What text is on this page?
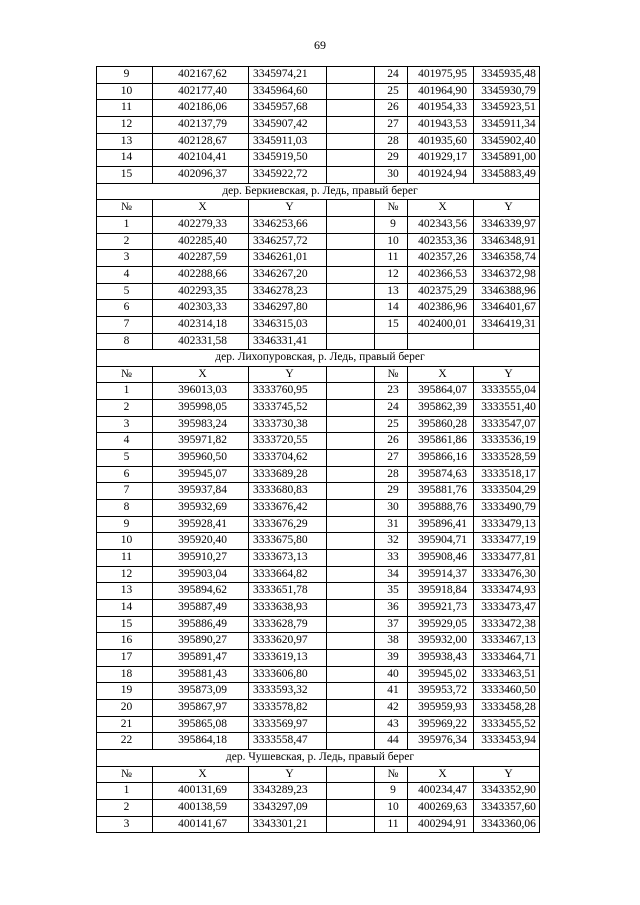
69
9	402167,62	3345974,21		24	401975,95	3345935,48
10	402177,40	3345964,60		25	401964,90	3345930,79
11	402186,06	3345957,68		26	401954,33	3345923,51
12	402137,79	3345907,42		27	401943,53	3345911,34
13	402128,67	3345911,03		28	401935,60	3345902,40
14	402104,41	3345919,50		29	401929,17	3345891,00
15	402096,37	3345922,72		30	401924,94	3345883,49
дер. Беркиевская, р. Ледь, правый берег						
№	X	Y		№	X	Y
1	402279,33	3346253,66		9	402343,56	3346339,97
2	402285,40	3346257,72		10	402353,36	3346348,91
3	402287,59	3346261,01		11	402357,26	3346358,74
4	402288,66	3346267,20		12	402366,53	3346372,98
5	402293,35	3346278,23		13	402375,29	3346388,96
6	402303,33	3346297,80		14	402386,96	3346401,67
7	402314,18	3346315,03		15	402400,01	3346419,31
8	402331,58	3346331,41				
дер. Лихопуровская, р. Ледь, правый берег						
№	X	Y		№	X	Y
1	396013,03	3333760,95		23	395864,07	3333555,04
2	395998,05	3333745,52		24	395862,39	3333551,40
3	395983,24	3333730,38		25	395860,28	3333547,07
4	395971,82	3333720,55		26	395861,86	3333536,19
5	395960,50	3333704,62		27	395866,16	3333528,59
6	395945,07	3333689,28		28	395874,63	3333518,17
7	395937,84	3333680,83		29	395881,76	3333504,29
8	395932,69	3333676,42		30	395888,76	3333490,79
9	395928,41	3333676,29		31	395896,41	3333479,13
10	395920,40	3333675,80		32	395904,71	3333477,19
11	395910,27	3333673,13		33	395908,46	3333477,81
12	395903,04	3333664,82		34	395914,37	3333476,30
13	395894,62	3333651,78		35	395918,84	3333474,93
14	395887,49	3333638,93		36	395921,73	3333473,47
15	395886,49	3333628,79		37	395929,05	3333472,38
16	395890,27	3333620,97		38	395932,00	3333467,13
17	395891,47	3333619,13		39	395938,43	3333464,71
18	395881,43	3333606,80		40	395945,02	3333463,51
19	395873,09	3333593,32		41	395953,72	3333460,50
20	395867,97	3333578,82		42	395959,93	3333458,28
21	395865,08	3333569,97		43	395969,22	3333455,52
22	395864,18	3333558,47		44	395976,34	3333453,94
дер. Чушевская, р. Ледь, правый берег						
№	X	Y		№	X	Y
1	400131,69	3343289,23		9	400234,47	3343352,90
2	400138,59	3343297,09		10	400269,63	3343357,60
3	400141,67	3343301,21		11	400294,91	3343360,06
